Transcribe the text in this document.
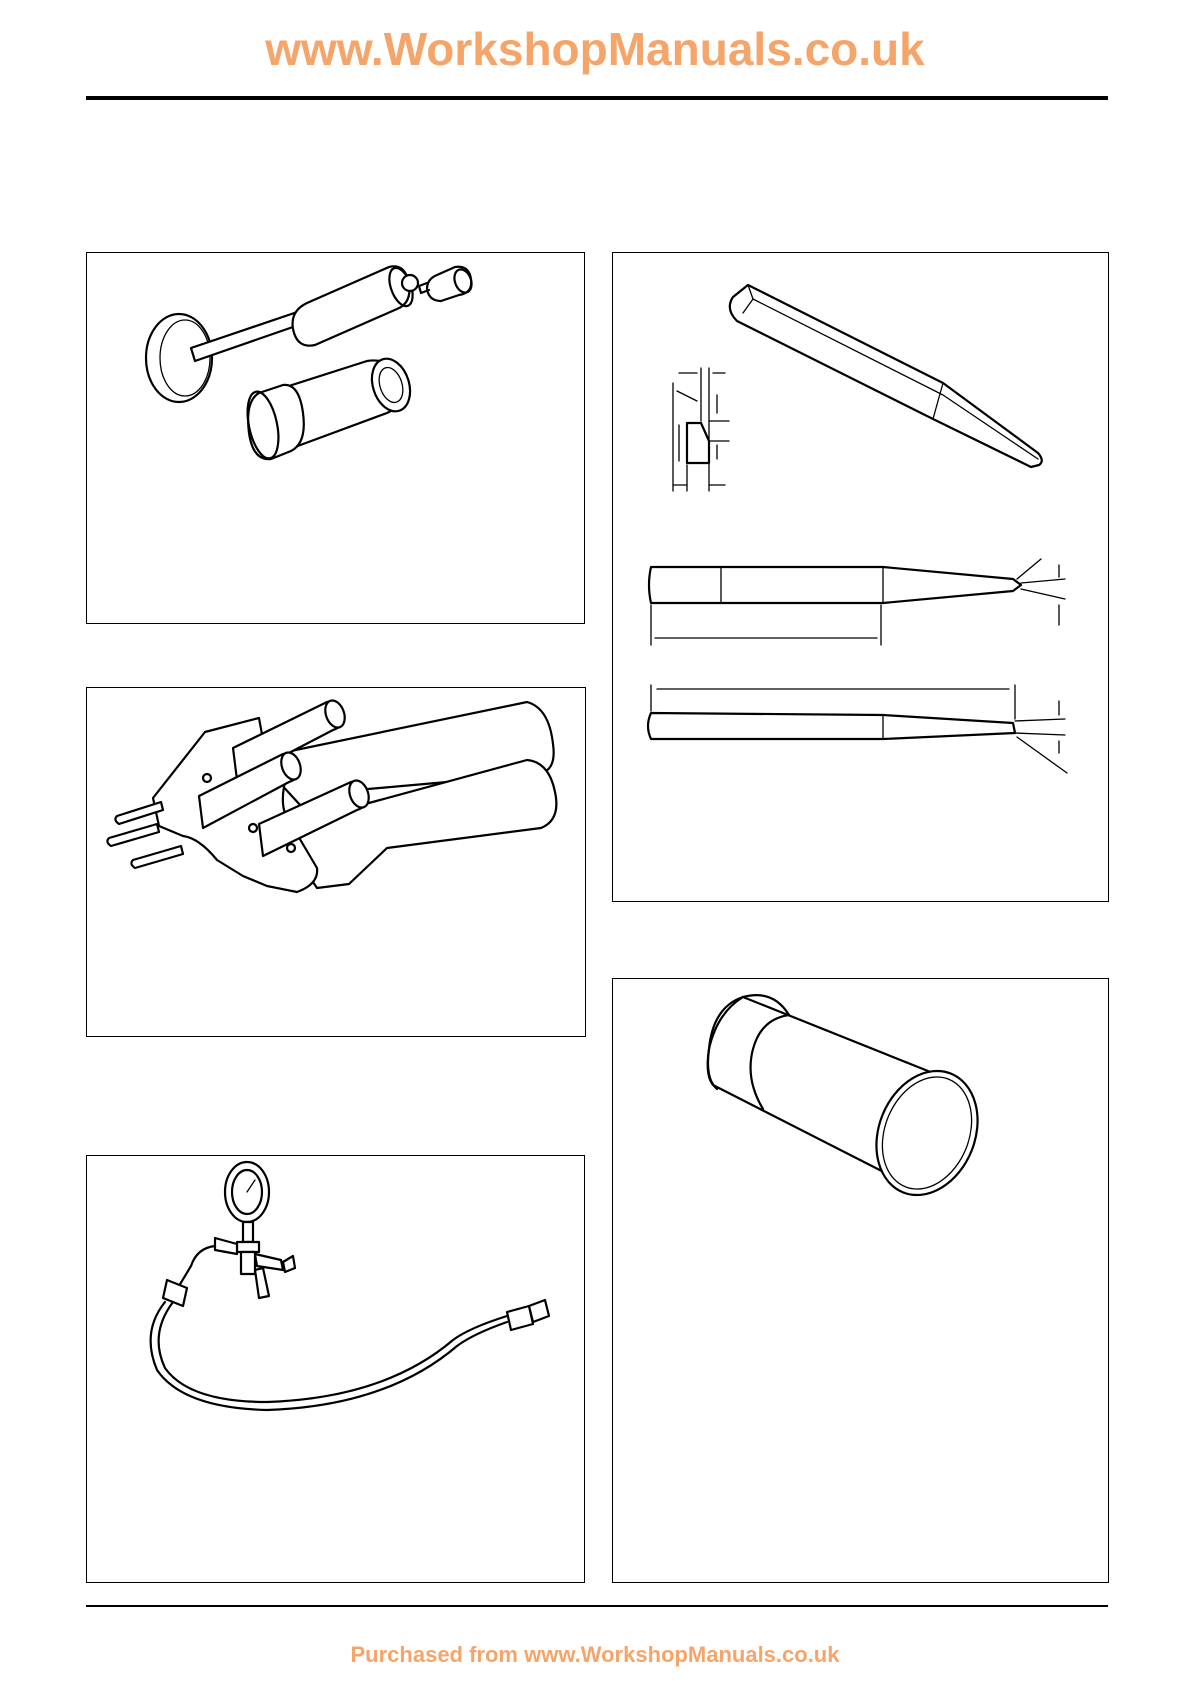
www.WorkshopManuals.co.uk
Purchased from www.WorkshopManuals.co.uk
